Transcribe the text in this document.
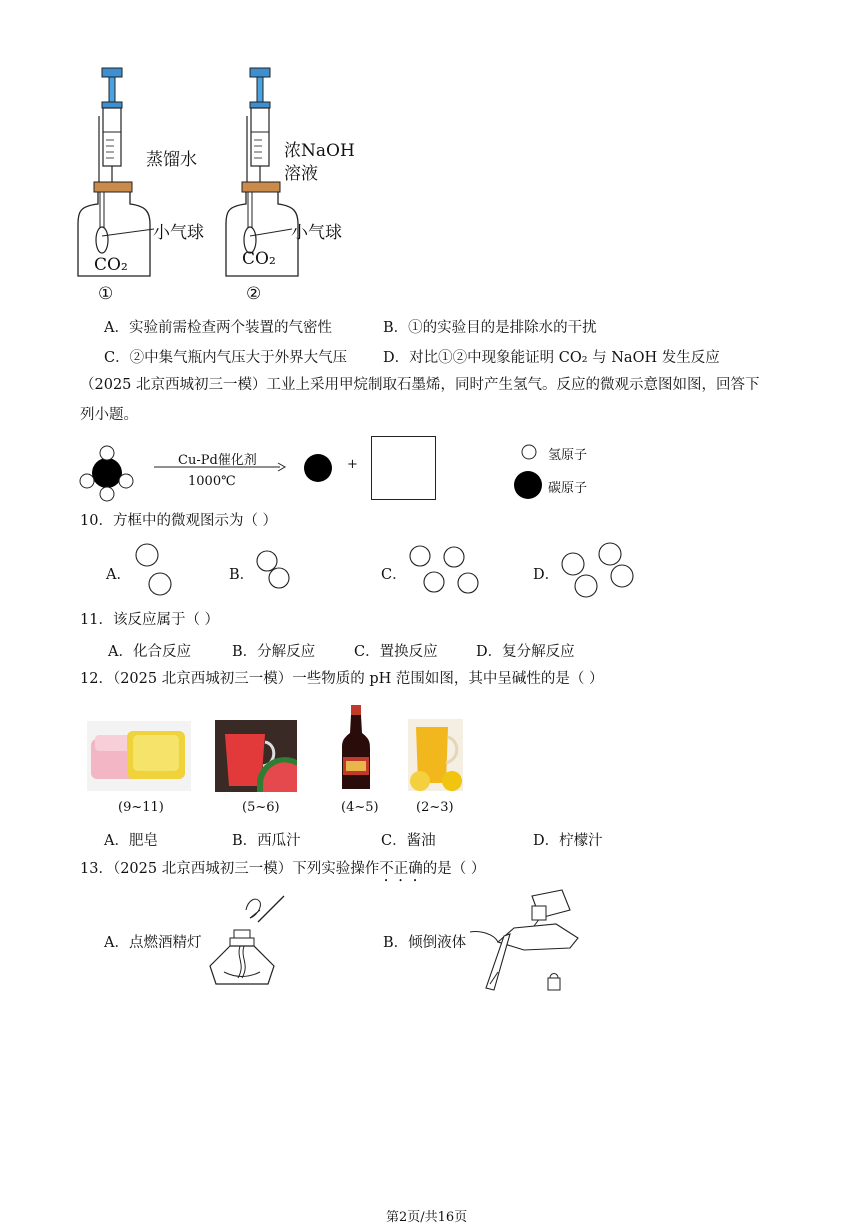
蒸馏水
小气球
CO₂
①
浓NaOH
溶液
小气球
CO₂
②
A．实验前需检查两个装置的气密性	B．①的实验目的是排除水的干扰
C．②中集气瓶内气压大于外界大气压 D．对比①②中现象能证明 CO₂ 与 NaOH 发生反应
（2025 北京西城初三一模）工业上采用甲烷制取石墨烯，同时产生氢气。反应的微观示意图如图，回答下
列小题。
Cu-Pd催化剂
1000℃
+
氢原子
碳原子
10．方框中的微观图示为（ ）
A．	B．	C．	D．
11．该反应属于（ ）
A．化合反应	B．分解反应	C．置换反应	D．复分解反应
12．（2025 北京西城初三一模）一些物质的 pH 范围如图，其中呈碱性的是（ ）
(9~11)	(5~6)	(4~5)	(2~3)
A．肥皂	B．西瓜汁	C．酱油	D．柠檬汁
13．（2025 北京西城初三一模）下列实验操作不正确的是（ ）
A．点燃酒精灯	B．倾倒液体
第2页/共16页
